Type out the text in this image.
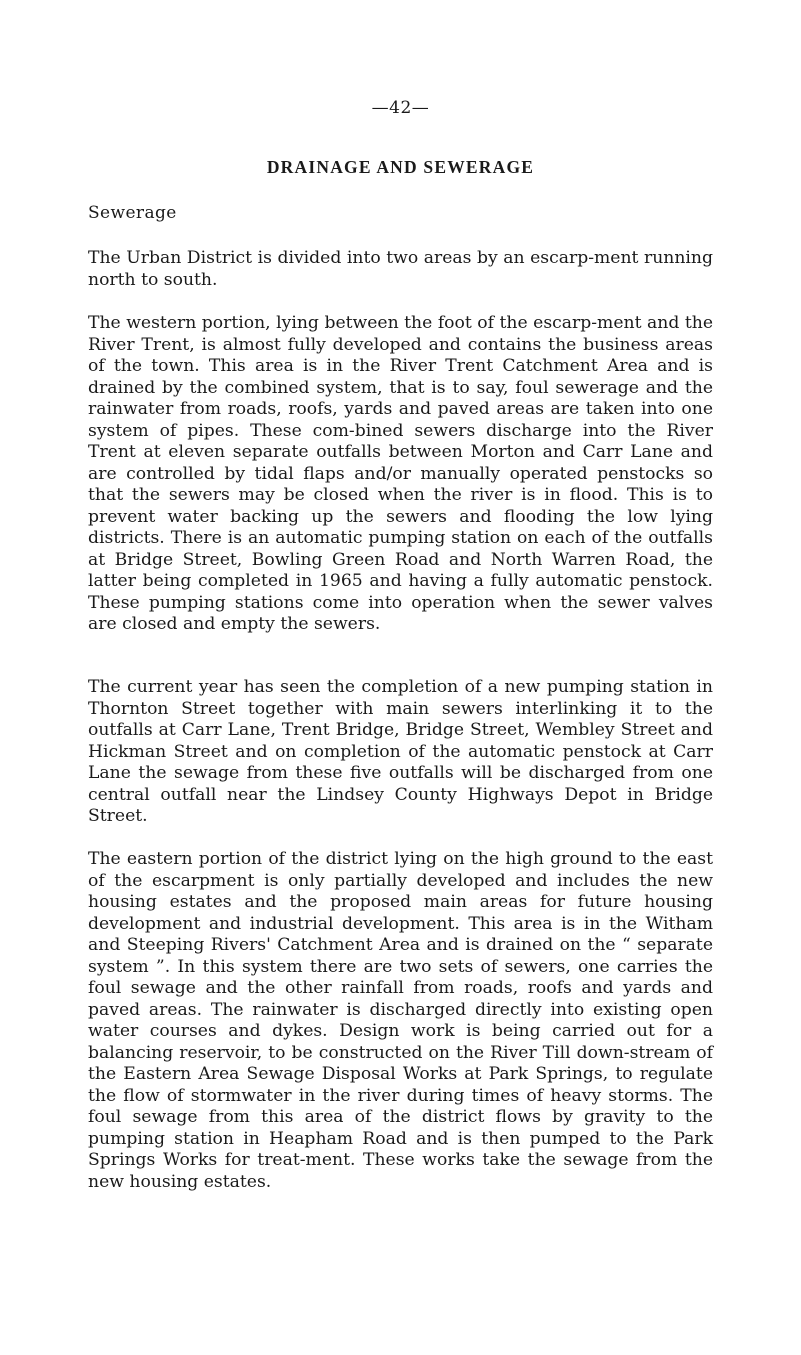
—42—
DRAINAGE AND SEWERAGE
Sewerage

The Urban District is divided into two areas by an escarp-ment running north to south.

The western portion, lying between the foot of the escarp-ment and the River Trent, is almost fully developed and contains the business areas of the town. This area is in the River Trent Catchment Area and is drained by the combined system, that is to say, foul sewerage and the rainwater from roads, roofs, yards and paved areas are taken into one system of pipes. These com-bined sewers discharge into the River Trent at eleven separate outfalls between Morton and Carr Lane and are controlled by tidal flaps and/or manually operated penstocks so that the sewers may be closed when the river is in flood. This is to prevent water backing up the sewers and flooding the low lying districts. There is an automatic pumping station on each of the outfalls at Bridge Street, Bowling Green Road and North Warren Road, the latter being completed in 1965 and having a fully automatic penstock. These pumping stations come into operation when the sewer valves are closed and empty the sewers.

The current year has seen the completion of a new pumping station in Thornton Street together with main sewers interlinking it to the outfalls at Carr Lane, Trent Bridge, Bridge Street, Wembley Street and Hickman Street and on completion of the automatic penstock at Carr Lane the sewage from these five outfalls will be discharged from one central outfall near the Lindsey County Highways Depot in Bridge Street.

The eastern portion of the district lying on the high ground to the east of the escarpment is only partially developed and includes the new housing estates and the proposed main areas for future housing development and industrial development. This area is in the Witham and Steeping Rivers' Catchment Area and is drained on the “ separate system ”. In this system there are two sets of sewers, one carries the foul sewage and the other rainfall from roads, roofs and yards and paved areas. The rainwater is discharged directly into existing open water courses and dykes. Design work is being carried out for a balancing reservoir, to be constructed on the River Till down-stream of the Eastern Area Sewage Disposal Works at Park Springs, to regulate the flow of stormwater in the river during times of heavy storms. The foul sewage from this area of the district flows by gravity to the pumping station in Heapham Road and is then pumped to the Park Springs Works for treat-ment. These works take the sewage from the new housing estates.
